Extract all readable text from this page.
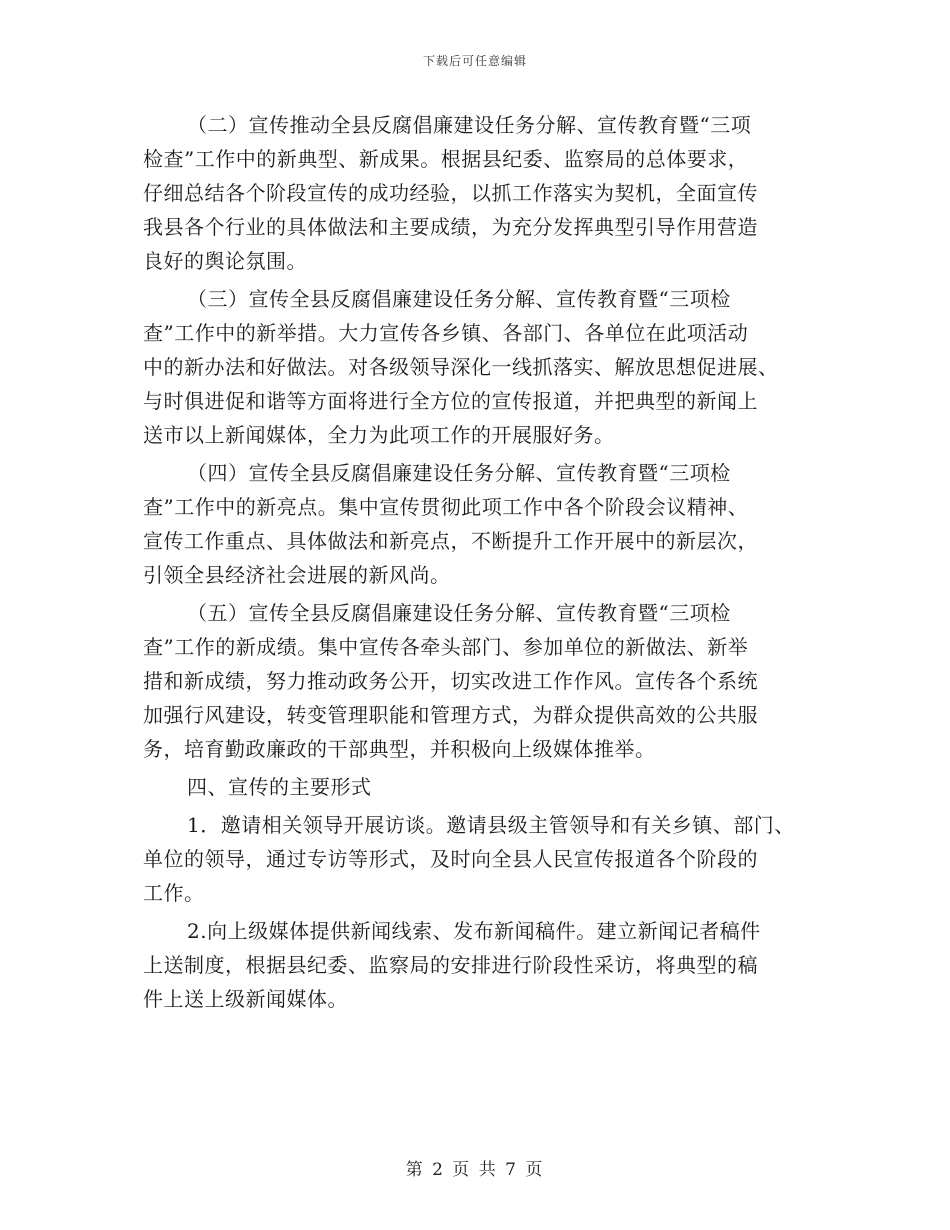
下载后可任意编辑
（二）宣传推动全县反腐倡廉建设任务分解、宣传教育暨“三项
检查”工作中的新典型、新成果。根据县纪委、监察局的总体要求，
仔细总结各个阶段宣传的成功经验，以抓工作落实为契机，全面宣传
我县各个行业的具体做法和主要成绩，为充分发挥典型引导作用营造
良好的舆论氛围。
（三）宣传全县反腐倡廉建设任务分解、宣传教育暨“三项检
查”工作中的新举措。大力宣传各乡镇、各部门、各单位在此项活动
中的新办法和好做法。对各级领导深化一线抓落实、解放思想促进展、
与时俱进促和谐等方面将进行全方位的宣传报道，并把典型的新闻上
送市以上新闻媒体，全力为此项工作的开展服好务。
（四）宣传全县反腐倡廉建设任务分解、宣传教育暨“三项检
查”工作中的新亮点。集中宣传贯彻此项工作中各个阶段会议精神、
宣传工作重点、具体做法和新亮点，不断提升工作开展中的新层次，
引领全县经济社会进展的新风尚。
（五）宣传全县反腐倡廉建设任务分解、宣传教育暨“三项检
查”工作的新成绩。集中宣传各牵头部门、参加单位的新做法、新举
措和新成绩，努力推动政务公开，切实改进工作作风。宣传各个系统
加强行风建设，转变管理职能和管理方式，为群众提供高效的公共服
务，培育勤政廉政的干部典型，并积极向上级媒体推举。
四、宣传的主要形式
1．邀请相关领导开展访谈。邀请县级主管领导和有关乡镇、部门、
单位的领导，通过专访等形式，及时向全县人民宣传报道各个阶段的
工作。
2.向上级媒体提供新闻线索、发布新闻稿件。建立新闻记者稿件
上送制度，根据县纪委、监察局的安排进行阶段性采访，将典型的稿
件上送上级新闻媒体。
第 2 页 共 7 页
